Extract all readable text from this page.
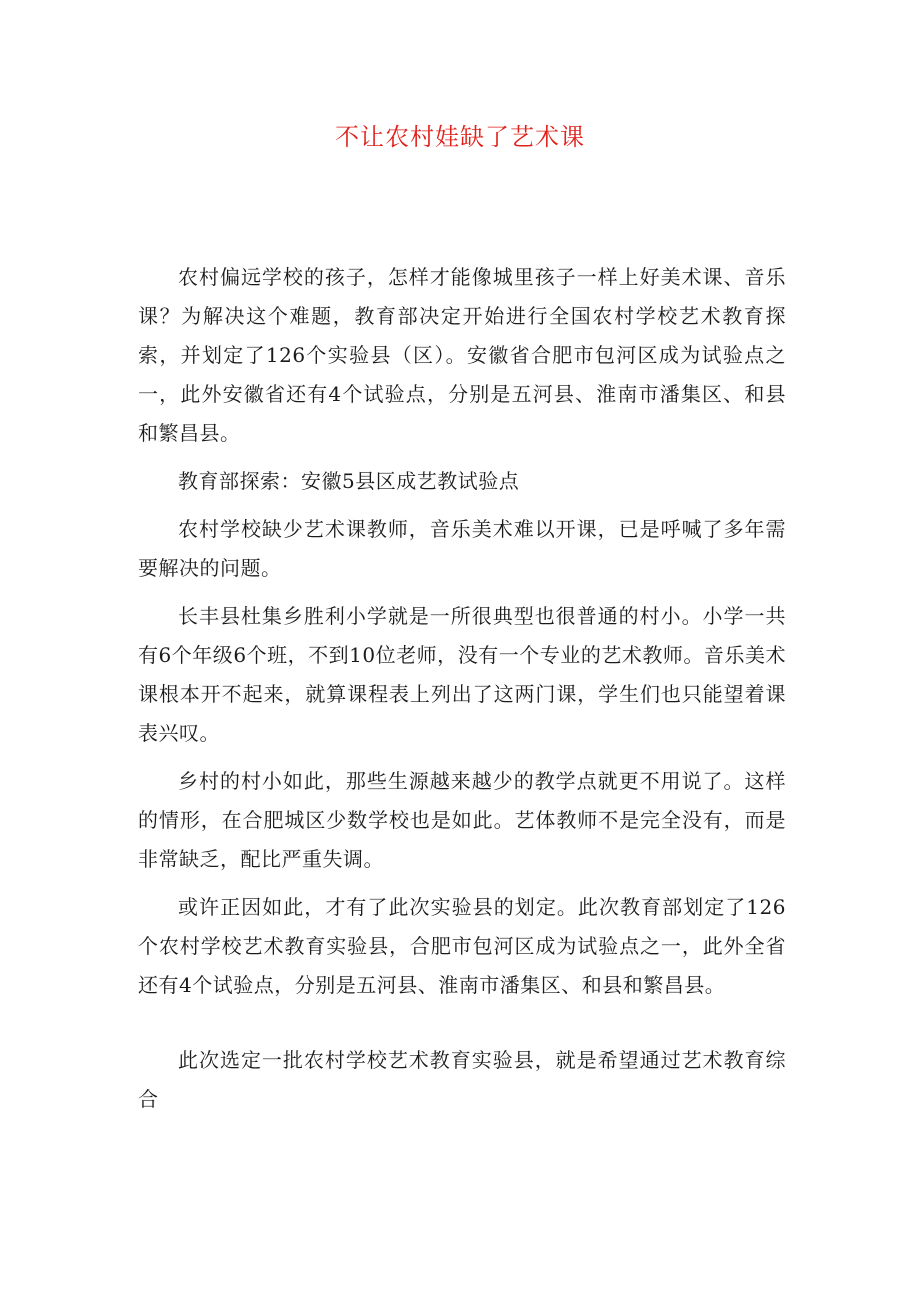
不让农村娃缺了艺术课

农村偏远学校的孩子，怎样才能像城里孩子一样上好美术课、音乐课？为解决这个难题，教育部决定开始进行全国农村学校艺术教育探索，并划定了126个实验县（区）。安徽省合肥市包河区成为试验点之一，此外安徽省还有4个试验点，分别是五河县、淮南市潘集区、和县和繁昌县。

教育部探索：安徽5县区成艺教试验点

农村学校缺少艺术课教师，音乐美术难以开课，已是呼喊了多年需要解决的问题。

长丰县杜集乡胜利小学就是一所很典型也很普通的村小。小学一共有6个年级6个班，不到10位老师，没有一个专业的艺术教师。音乐美术课根本开不起来，就算课程表上列出了这两门课，学生们也只能望着课表兴叹。

乡村的村小如此，那些生源越来越少的教学点就更不用说了。这样的情形，在合肥城区少数学校也是如此。艺体教师不是完全没有，而是非常缺乏，配比严重失调。

或许正因如此，才有了此次实验县的划定。此次教育部划定了126个农村学校艺术教育实验县，合肥市包河区成为试验点之一，此外全省还有4个试验点，分别是五河县、淮南市潘集区、和县和繁昌县。

此次选定一批农村学校艺术教育实验县，就是希望通过艺术教育综合
